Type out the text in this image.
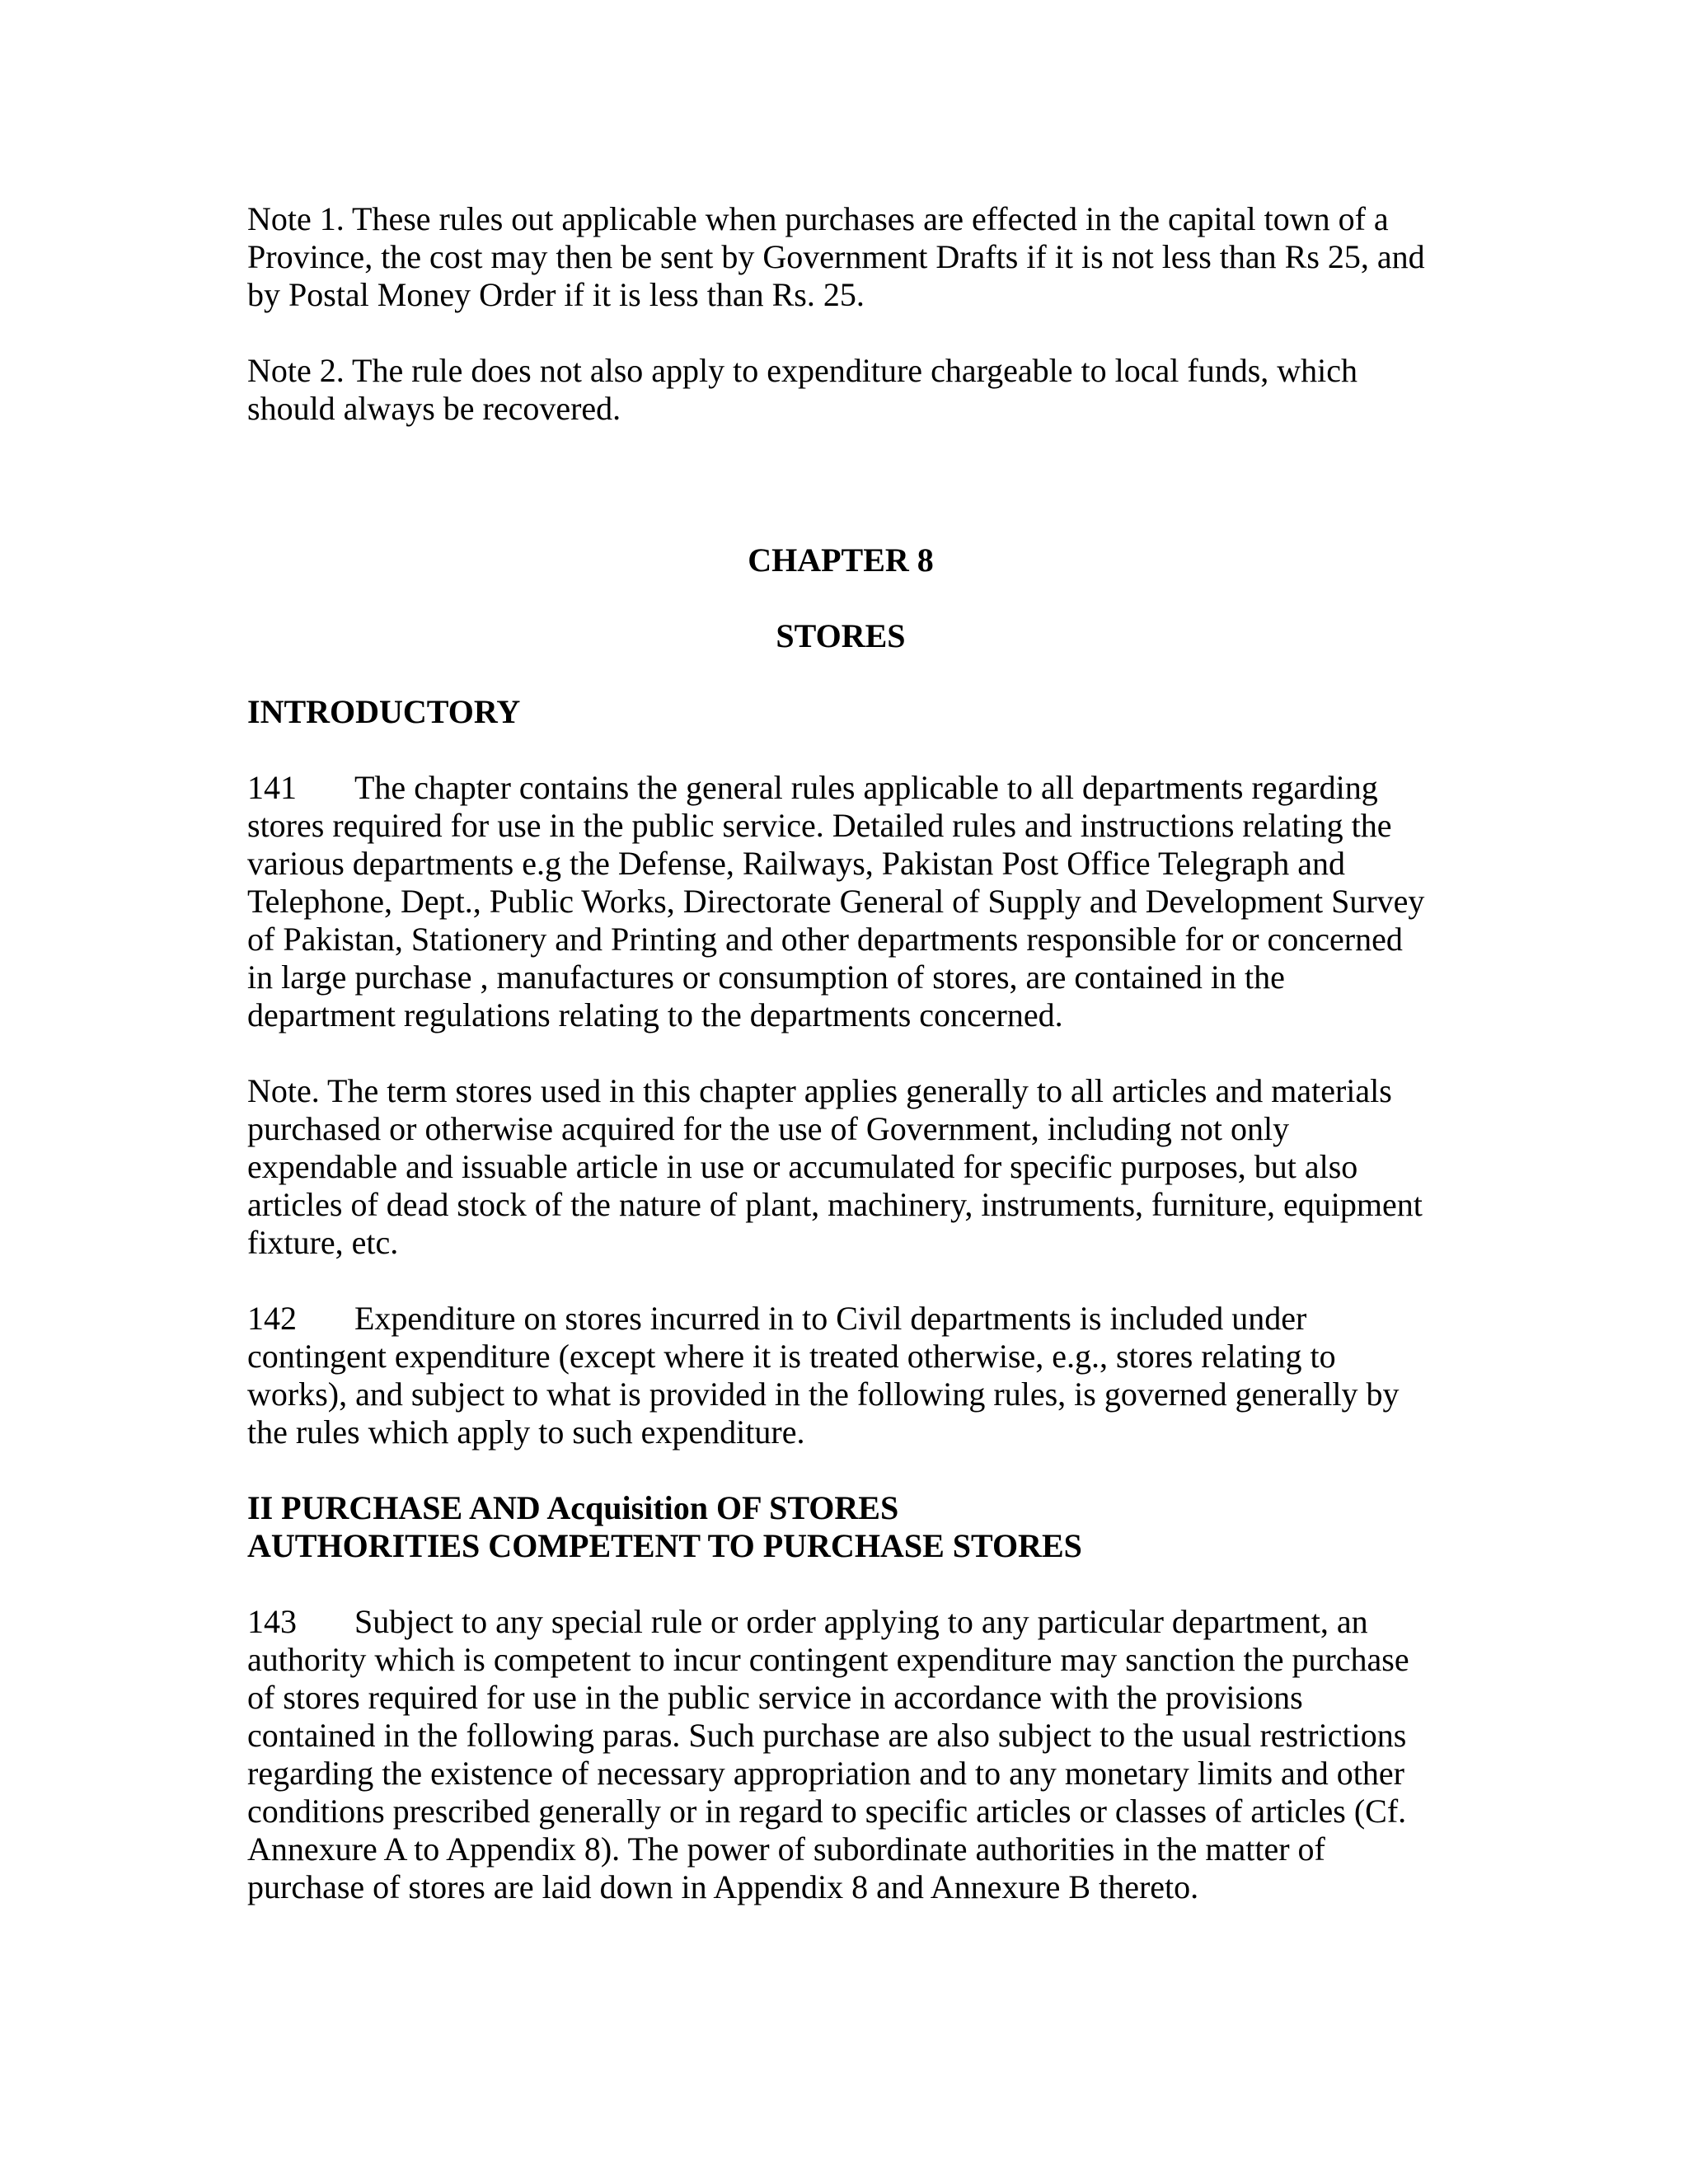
Note 1. These rules out applicable when purchases are effected in the capital town of a
Province, the cost may then be sent by Government Drafts if it is not less than Rs 25, and
by Postal Money Order if it is less than Rs. 25.

Note 2. The rule does not also apply to expenditure chargeable to local funds, which
should always be recovered.

CHAPTER 8
STORES
INTRODUCTORY

141 The chapter contains the general rules applicable to all departments regarding
stores required for use in the public service. Detailed rules and instructions relating the
various departments e.g the Defense, Railways, Pakistan Post Office Telegraph and
Telephone, Dept., Public Works, Directorate General of Supply and Development Survey
of Pakistan, Stationery and Printing and other departments responsible for or concerned
in large purchase , manufactures or consumption of stores, are contained in the
department regulations relating to the departments concerned.

Note. The term stores used in this chapter applies generally to all articles and materials
purchased or otherwise acquired for the use of Government, including not only
expendable and issuable article in use or accumulated for specific purposes, but also
articles of dead stock of the nature of plant, machinery, instruments, furniture, equipment
fixture, etc.

142 Expenditure on stores incurred in to Civil departments is included under
contingent expenditure (except where it is treated otherwise, e.g., stores relating to
works), and subject to what is provided in the following rules, is governed generally by
the rules which apply to such expenditure.

II PURCHASE AND Acquisition OF STORES
AUTHORITIES COMPETENT TO PURCHASE STORES

143 Subject to any special rule or order applying to any particular department, an
authority which is competent to incur contingent expenditure may sanction the purchase
of stores required for use in the public service in accordance with the provisions
contained in the following paras. Such purchase are also subject to the usual restrictions
regarding the existence of necessary appropriation and to any monetary limits and other
conditions prescribed generally or in regard to specific articles or classes of articles (Cf.
Annexure A to Appendix 8). The power of subordinate authorities in the matter of
purchase of stores are laid down in Appendix 8 and Annexure B thereto.
